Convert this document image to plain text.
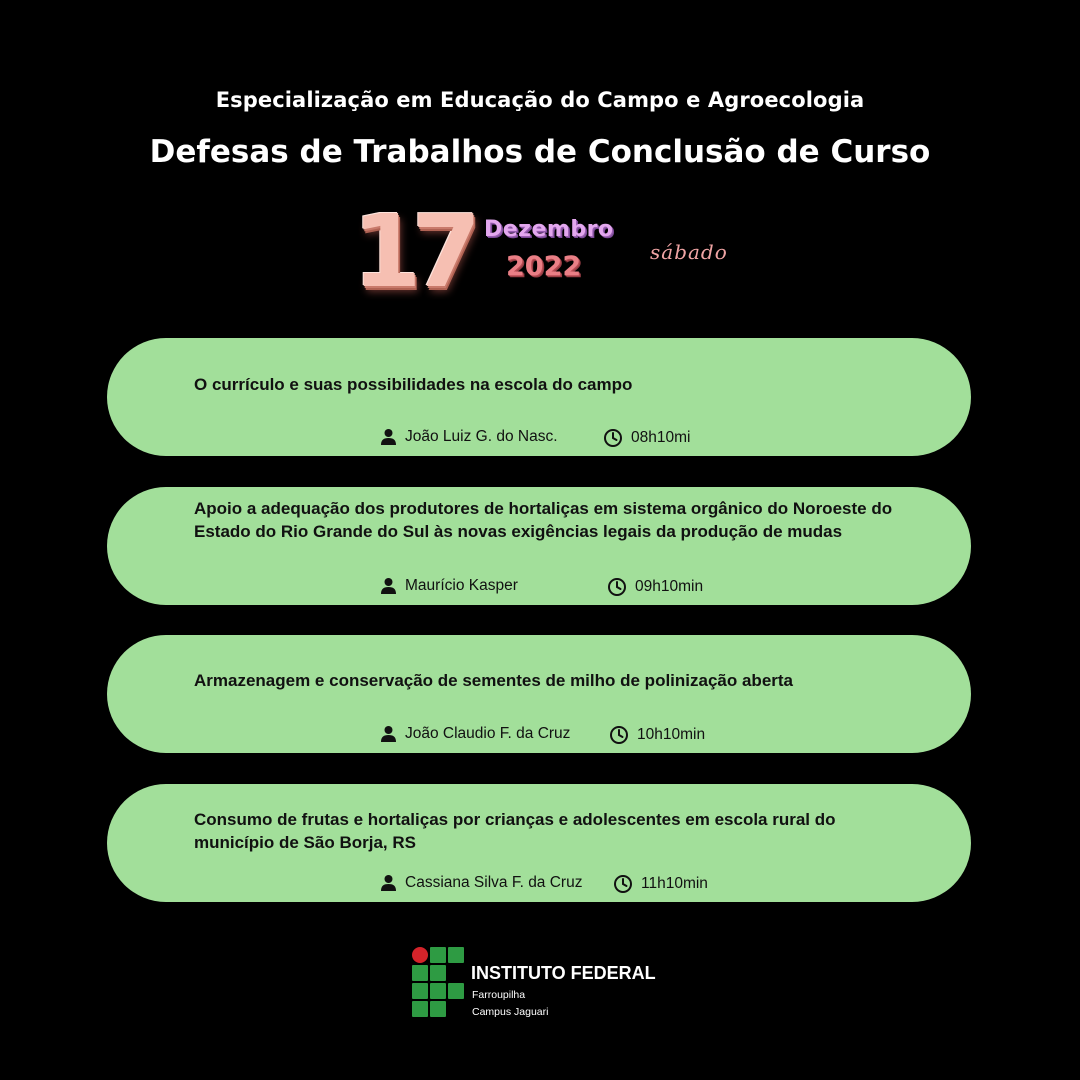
Especialização em Educação do Campo e Agroecologia
Defesas de Trabalhos de Conclusão de Curso
17 Dezembro
2022	sábado
O currículo e suas possibilidades na escola do campo
João Luiz G. do Nasc.	08h10mi
Apoio a adequação dos produtores de hortaliças em sistema orgânico do Noroeste do Estado do Rio Grande do Sul às novas exigências legais da produção de mudas
Maurício Kasper	09h10min
Armazenagem e conservação de sementes de milho de polinização aberta
João Claudio F. da Cruz	10h10min
Consumo de frutas e hortaliças por crianças e adolescentes em escola rural do município de São Borja, RS
Cassiana Silva F. da Cruz	11h10min
INSTITUTO FEDERAL
Farroupilha
Campus Jaguari
